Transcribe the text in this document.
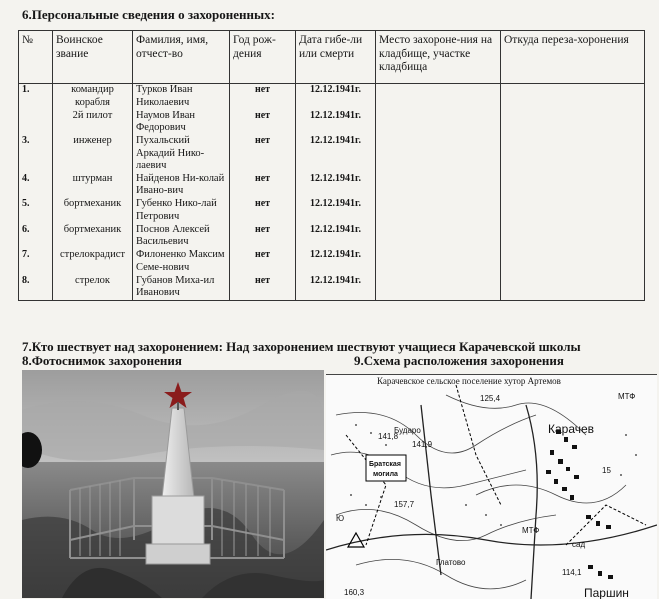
6.Персональные сведения о захороненных:
№	Воинское звание	Фамилия, имя, отчест-во	Год рож-дения	Дата гибе-ли или смерти	Место захороне-ния на кладбище, участке кладбища	Откуда переза-хоронения
1.	командир корабля	Турков Иван Николаевич	нет	12.12.1941г.		
	2й пилот	Наумов Иван Федорович	нет	12.12.1941г.		
3.	инженер	Пухальский Аркадий Нико-лаевич	нет	12.12.1941г.		
4.	штурман	Найденов Ни-колай Ивано-вич	нет	12.12.1941г.		
5.	бортмеханик	Губенко Нико-лай Петрович	нет	12.12.1941г.		
6.	бортмеханик	Поснов Алексей Васильевич	нет	12.12.1941г.		
7.	стрелокрадист	Филоненко Максим Семе-нович	нет	12.12.1941г.		
8.	стрелок	Губанов Миха-ил Иванович	нет	12.12.1941г.		
7.Кто шествует над захоронением: Над захоронением шествуют учащиеся Карачевской школы
8.Фотоснимок захоронения	9.Схема расположения захоронения
Карачев
Паршин
МТФ
МТФ
сад
Бударо
Братская
могила
125,4
141,8
141,9
157,7
160,3
114,1
15
Глатово
Ю
Карачевское сельское поселение хутор Артемов
